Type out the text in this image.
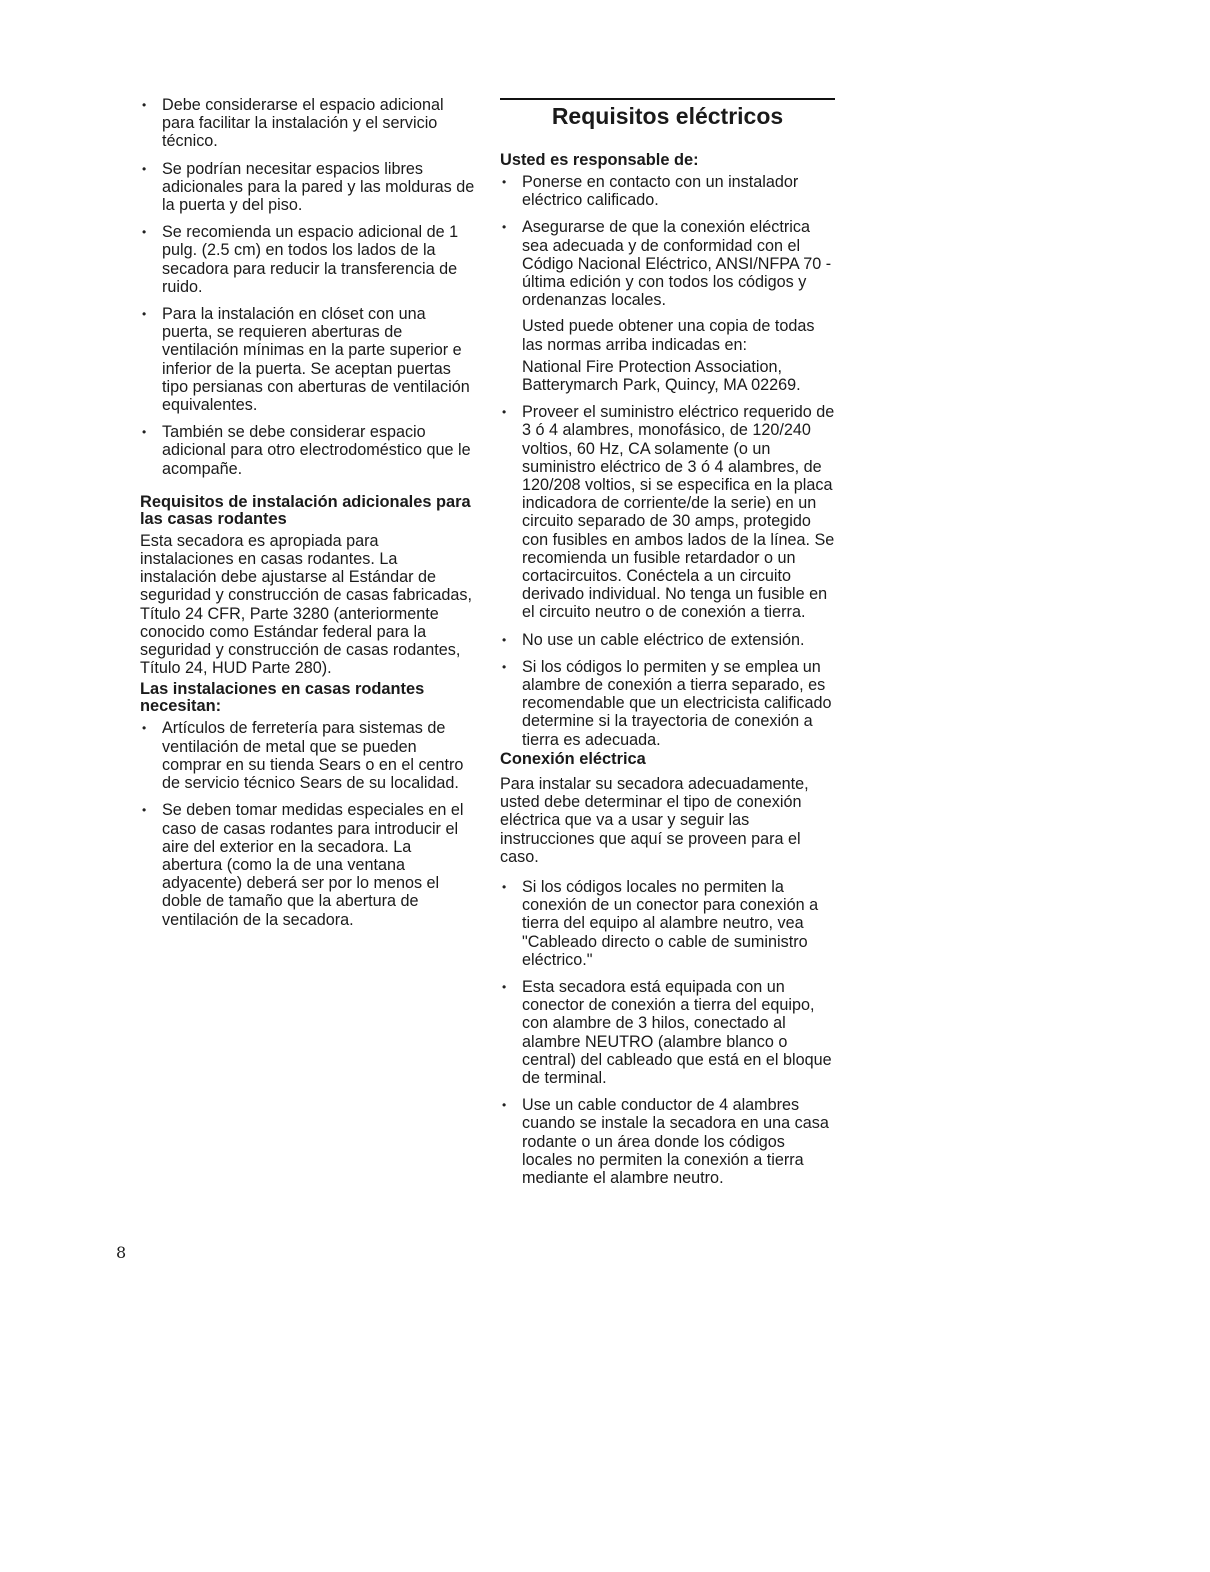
• Debe considerarse el espacio adicional para facilitar la instalación y el servicio técnico.
• Se podrían necesitar espacios libres adicionales para la pared y las molduras de la puerta y del piso.
• Se recomienda un espacio adicional de 1 pulg. (2.5 cm) en todos los lados de la secadora para reducir la transferencia de ruido.
• Para la instalación en clóset con una puerta, se requieren aberturas de ventilación mínimas en la parte superior e inferior de la puerta. Se aceptan puertas tipo persianas con aberturas de ventilación equivalentes.
• También se debe considerar espacio adicional para otro electrodoméstico que le acompañe.

Requisitos de instalación adicionales para las casas rodantes

Esta secadora es apropiada para instalaciones en casas rodantes. La instalación debe ajustarse al Estándar de seguridad y construcción de casas fabricadas, Título 24 CFR, Parte 3280 (anteriormente conocido como Estándar federal para la seguridad y construcción de casas rodantes, Título 24, HUD Parte 280).

Las instalaciones en casas rodantes necesitan:

• Artículos de ferretería para sistemas de ventilación de metal que se pueden comprar en su tienda Sears o en el centro de servicio técnico Sears de su localidad.
• Se deben tomar medidas especiales en el caso de casas rodantes para introducir el aire del exterior en la secadora. La abertura (como la de una ventana adyacente) deberá ser por lo menos el doble de tamaño que la abertura de ventilación de la secadora.
Requisitos eléctricos

Usted es responsable de:

• Ponerse en contacto con un instalador eléctrico calificado.
• Asegurarse de que la conexión eléctrica sea adecuada y de conformidad con el Código Nacional Eléctrico, ANSI/NFPA 70 - última edición y con todos los códigos y ordenanzas locales.

Usted puede obtener una copia de todas las normas arriba indicadas en:

National Fire Protection Association, Batterymarch Park, Quincy, MA 02269.

• Proveer el suministro eléctrico requerido de 3 ó 4 alambres, monofásico, de 120/240 voltios, 60 Hz, CA solamente (o un suministro eléctrico de 3 ó 4 alambres, de 120/208 voltios, si se especifica en la placa indicadora de corriente/de la serie) en un circuito separado de 30 amps, protegido con fusibles en ambos lados de la línea. Se recomienda un fusible retardador o un cortacircuitos. Conéctela a un circuito derivado individual. No tenga un fusible en el circuito neutro o de conexión a tierra.
• No use un cable eléctrico de extensión.
• Si los códigos lo permiten y se emplea un alambre de conexión a tierra separado, es recomendable que un electricista calificado determine si la trayectoria de conexión a tierra es adecuada.

Conexión eléctrica

Para instalar su secadora adecuadamente, usted debe determinar el tipo de conexión eléctrica que va a usar y seguir las instrucciones que aquí se proveen para el caso.

• Si los códigos locales no permiten la conexión de un conector para conexión a tierra del equipo al alambre neutro, vea "Cableado directo o cable de suministro eléctrico."
• Esta secadora está equipada con un conector de conexión a tierra del equipo, con alambre de 3 hilos, conectado al alambre NEUTRO (alambre blanco o central) del cableado que está en el bloque de terminal.
• Use un cable conductor de 4 alambres cuando se instale la secadora en una casa rodante o un área donde los códigos locales no permiten la conexión a tierra mediante el alambre neutro.
8
